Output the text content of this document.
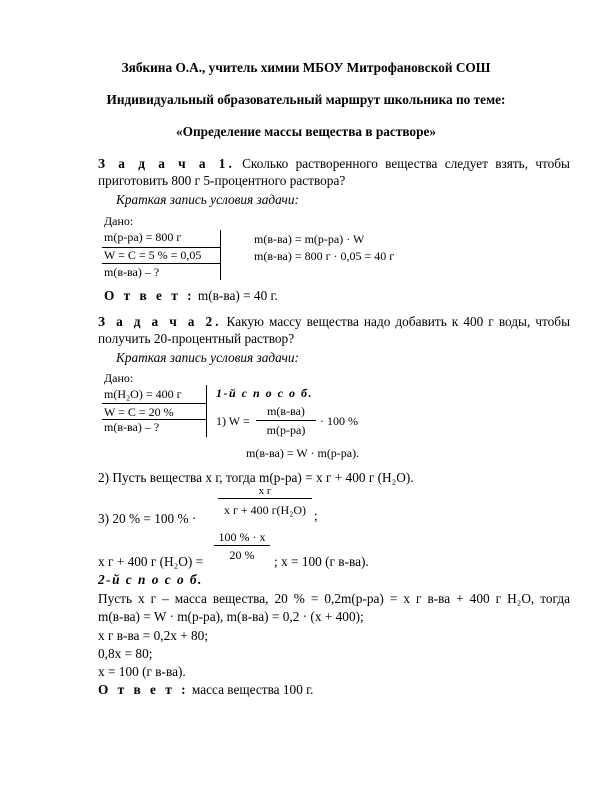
Зябкина О.А., учитель химии МБОУ Митрофановской СОШ
Индивидуальный образовательный маршрут школьника по теме:
«Определение массы вещества в растворе»
З а д а ч а 1. Сколько растворенного вещества следует взять, чтобы
приготовить 800 г 5-процентного раствора?
Краткая запись условия задачи:
Дано:
m(р-ра) = 800 г
W = C = 5 % = 0,05
m(в-ва) – ?
m(в-ва) = m(р-ра) · W
m(в-ва) = 800 г · 0,05 = 40 г
О т в е т : m(в-ва) = 40 г.
З а д а ч а 2. Какую массу вещества надо добавить к 400 г воды, чтобы
получить 20-процентный раствор?
Краткая запись условия задачи:
Дано:
m(H₂O) = 400 г
W = C = 20 %
m(в-ва) – ?
1-й с п о с о б.
1) W =
m(в-ва)
m(р-ра)
· 100 %
m(в-ва) = W · m(р-ра).
2) Пусть вещества x г, тогда m(р-ра) = x г + 400 г (H₂O).
3) 20 % = 100 % ·
x г
x г + 400 г(H₂O) ;
x г + 400 г (H₂O) =
100 % · x
20 %	; x = 100 (г в-ва).
2-й с п о с о б.
Пусть x г – масса вещества, 20 % = 0,2m(р-ра) = x г в-ва + 400 г H₂O, тогда
m(в-ва) = W · m(р-ра), m(в-ва) = 0,2 · (x + 400);
x г в-ва = 0,2x + 80;
0,8x = 80;
x = 100 (г в-ва).
О т в е т : масса вещества 100 г.
